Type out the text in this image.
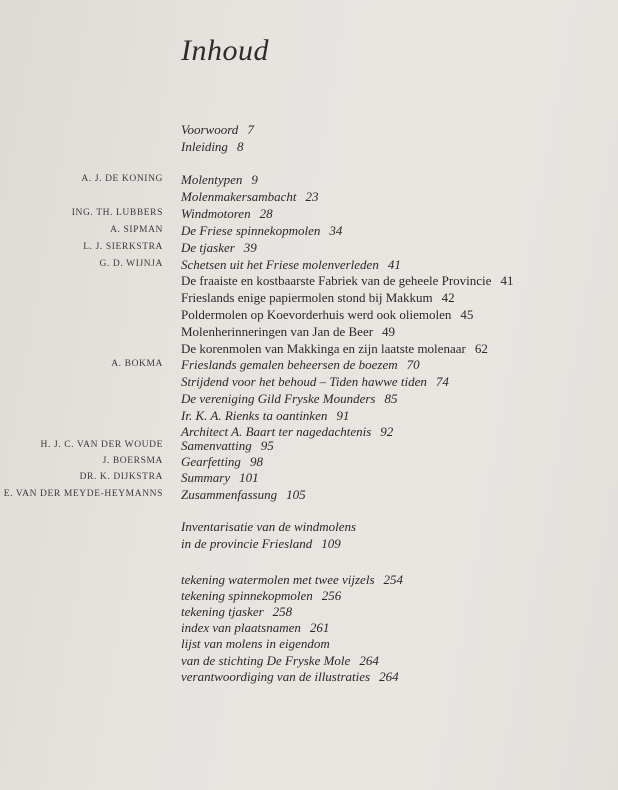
Inhoud
Voorwoord 7
Inleiding 8
A. J. DE KONING Molentypen 9
Molenmakersambacht 23
ING. TH. LUBBERS Windmotoren 28
A. SIPMAN De Friese spinnekopmolen 34
L. J. SIERKSTRA De tjasker 39
G. D. WIJNJA Schetsen uit het Friese molenverleden 41
De fraaiste en kostbaarste Fabriek van de geheele Provincie 41
Frieslands enige papiermolen stond bij Makkum 42
Poldermolen op Koevorderhuis werd ook oliemolen 45
Molenherinneringen van Jan de Beer 49
De korenmolen van Makkinga en zijn laatste molenaar 62
A. BOKMA Frieslands gemalen beheersen de boezem 70
Strijdend voor het behoud – Tiden hawwe tiden 74
De vereniging Gild Fryske Mounders 85
Ir. K. A. Rienks ta oantinken 91
Architect A. Baart ter nagedachtenis 92
H. J. C. VAN DER WOUDE Samenvatting 95
J. BOERSMA Gearfetting 98
DR. K. DIJKSTRA Summary 101
E. VAN DER MEYDE-HEYMANNS Zusammenfassung 105
Inventarisatie van de windmolens
in de provincie Friesland 109
tekening watermolen met twee vijzels 254
tekening spinnekopmolen 256
tekening tjasker 258
index van plaatsnamen 261
lijst van molens in eigendom
van de stichting De Fryske Mole 264
verantwoordiging van de illustraties 264
